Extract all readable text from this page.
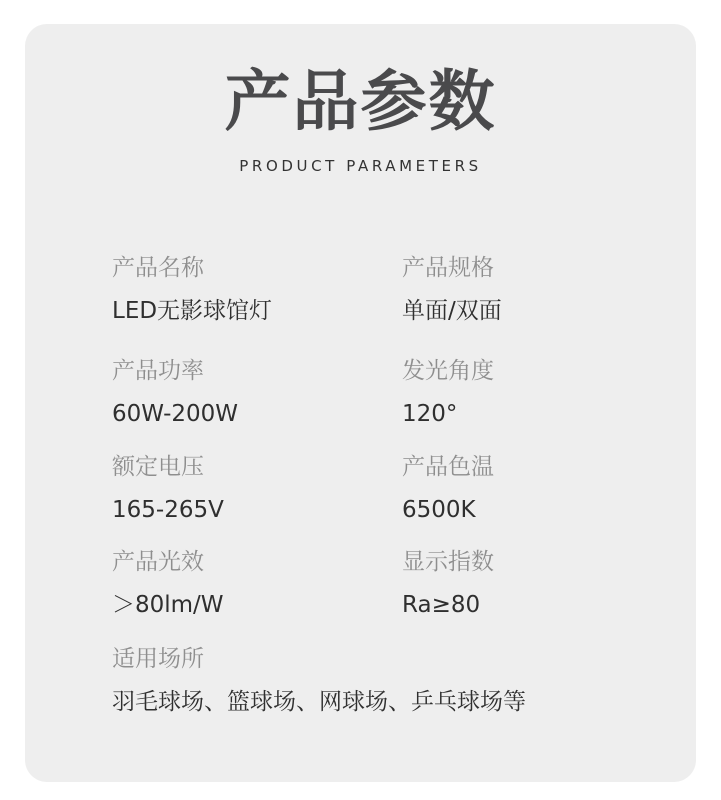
产品参数
PRODUCT PARAMETERS
产品名称
LED无影球馆灯
产品规格
单面/双面
产品功率
60W-200W
发光角度
120°
额定电压
165-265V
产品色温
6500K
产品光效
＞80lm/W
显示指数
Ra≥80
适用场所
羽毛球场、篮球场、网球场、乒乓球场等
